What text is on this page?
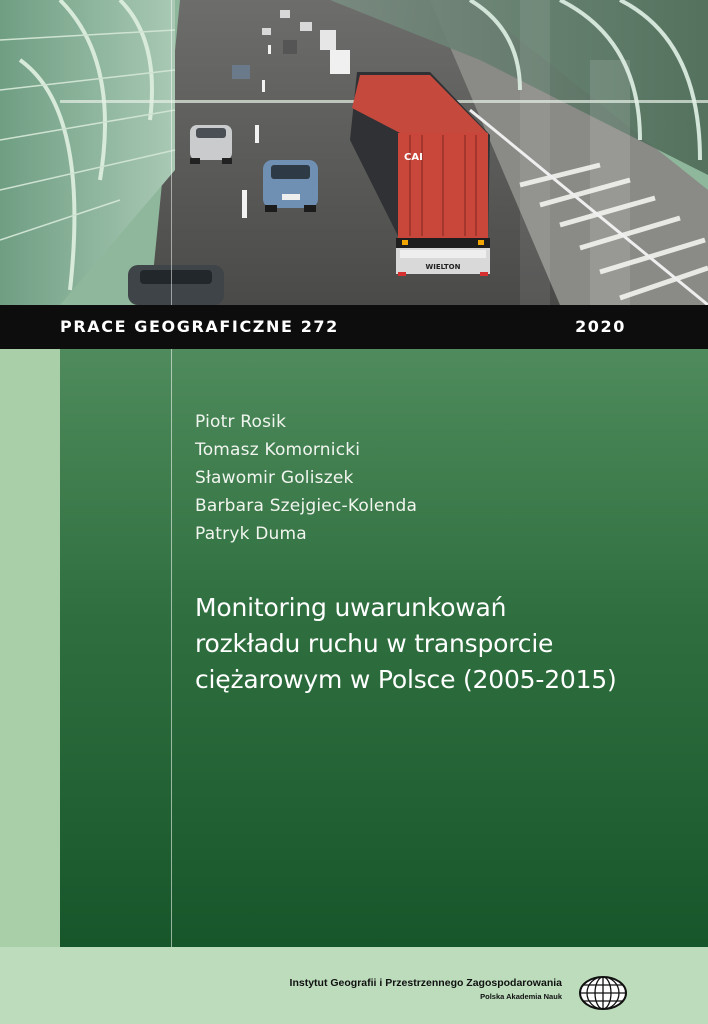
CAI
WIELTON
PRACE GEOGRAFICZNE 272	2020
Piotr Rosik
Tomasz Komornicki
Sławomir Goliszek
Barbara Szejgiec-Kolenda
Patryk Duma
Monitoring uwarunkowań
rozkładu ruchu w transporcie
ciężarowym w Polsce (2005-2015)
Instytut Geografii i Przestrzennego Zagospodarowania
Polska Akademia Nauk
